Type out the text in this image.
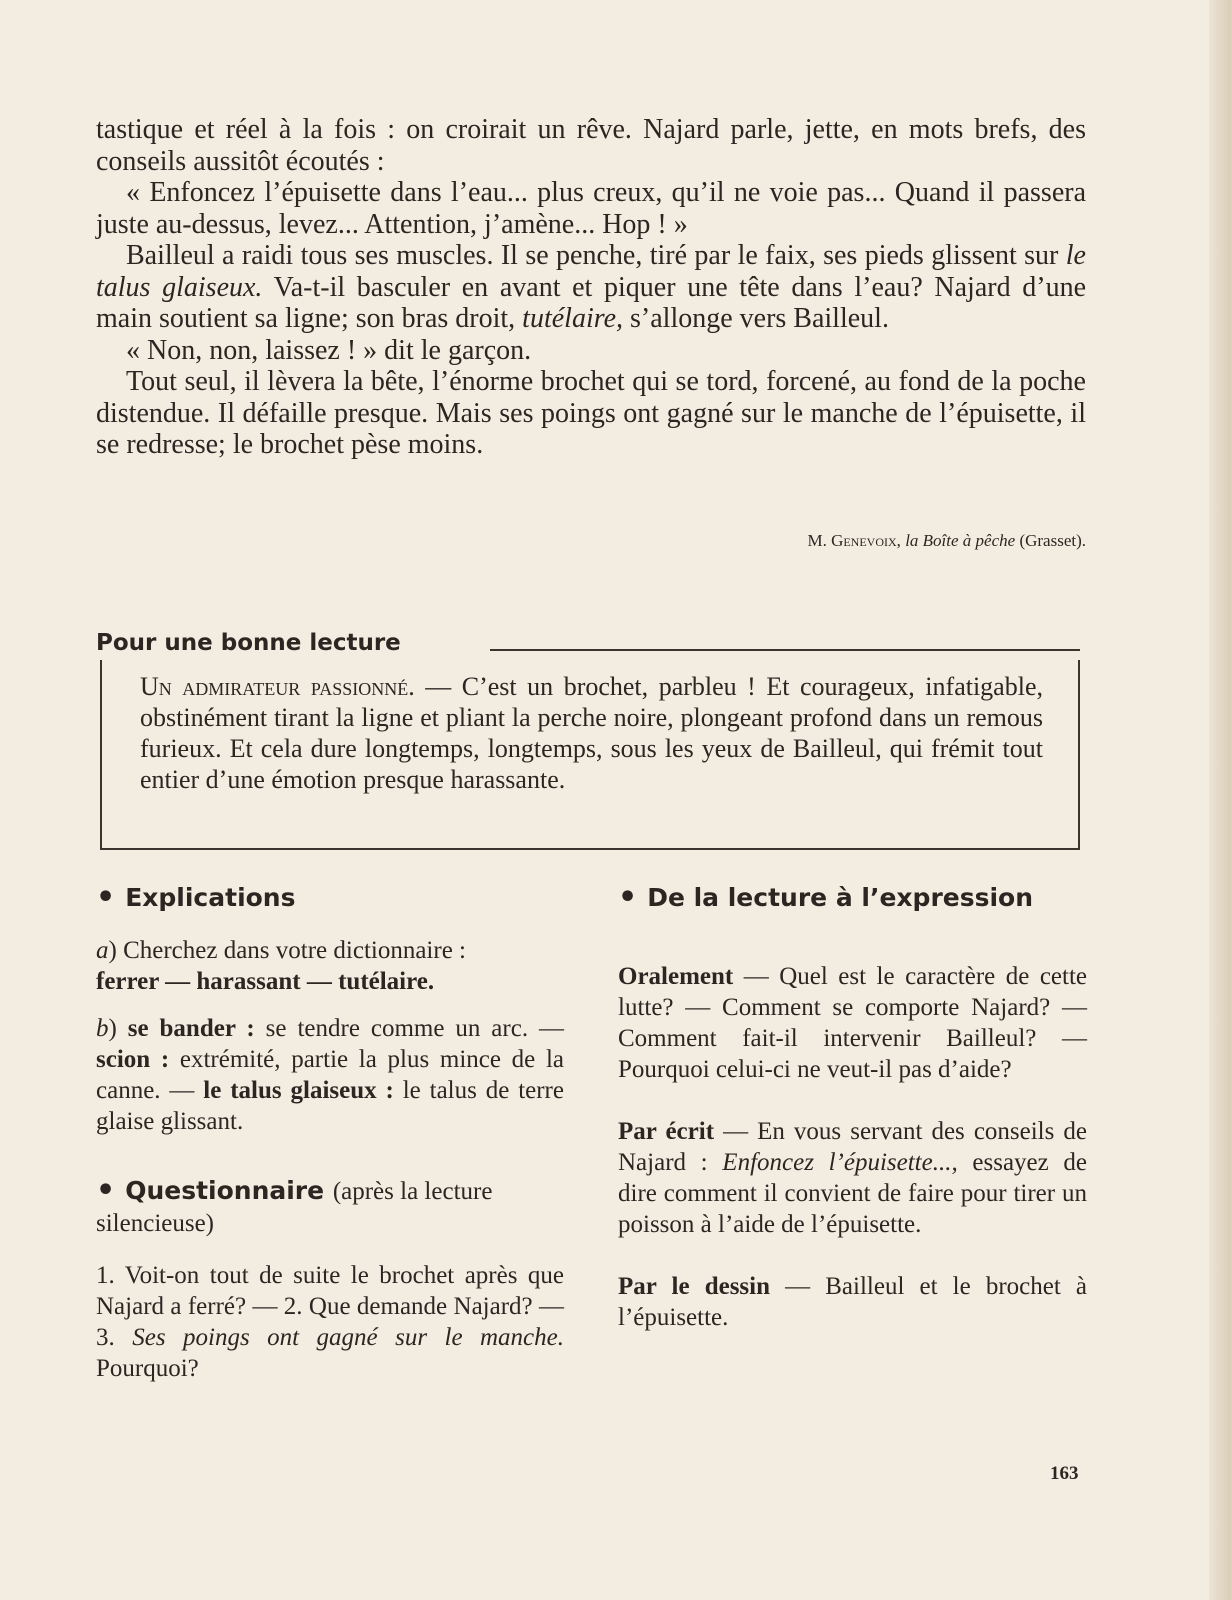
tastique et réel à la fois : on croirait un rêve. Najard parle, jette, en mots brefs, des conseils aussitôt écoutés :

« Enfoncez l’épuisette dans l’eau... plus creux, qu’il ne voie pas... Quand il passera juste au-dessus, levez... Attention, j’amène... Hop ! »

Bailleul a raidi tous ses muscles. Il se penche, tiré par le faix, ses pieds glissent sur le talus glaiseux. Va-t-il basculer en avant et piquer une tête dans l’eau? Najard d’une main soutient sa ligne; son bras droit, tutélaire, s’allonge vers Bailleul.

« Non, non, laissez ! » dit le garçon.

Tout seul, il lèvera la bête, l’énorme brochet qui se tord, forcené, au fond de la poche distendue. Il défaille presque. Mais ses poings ont gagné sur le manche de l’épuisette, il se redresse; le brochet pèse moins.

M. Genevoix, la Boîte à pêche (Grasset).
Pour une bonne lecture
Un admirateur passionné. — C’est un brochet, parbleu ! Et courageux, infatigable, obstinément tirant la ligne et pliant la perche noire, plongeant profond dans un remous furieux. Et cela dure longtemps, longtemps, sous les yeux de Bailleul, qui frémit tout entier d’une émotion presque harassante.
• Explications

a) Cherchez dans votre dictionnaire :
ferrer — harassant — tutélaire.

b) se bander : se tendre comme un arc. — scion : extrémité, partie la plus mince de la canne. — le talus glaiseux : le talus de terre glaise glissant.

• Questionnaire (après la lecture silencieuse)

1. Voit-on tout de suite le brochet après que Najard a ferré? — 2. Que demande Najard? — 3. Ses poings ont gagné sur le manche. Pourquoi?

• De la lecture à l’expression

Oralement — Quel est le caractère de cette lutte? — Comment se comporte Najard? — Comment fait-il intervenir Bailleul? — Pourquoi celui-ci ne veut-il pas d’aide?

Par écrit — En vous servant des conseils de Najard : Enfoncez l’épuisette..., essayez de dire comment il convient de faire pour tirer un poisson à l’aide de l’épuisette.

Par le dessin — Bailleul et le brochet à l’épuisette.

163
